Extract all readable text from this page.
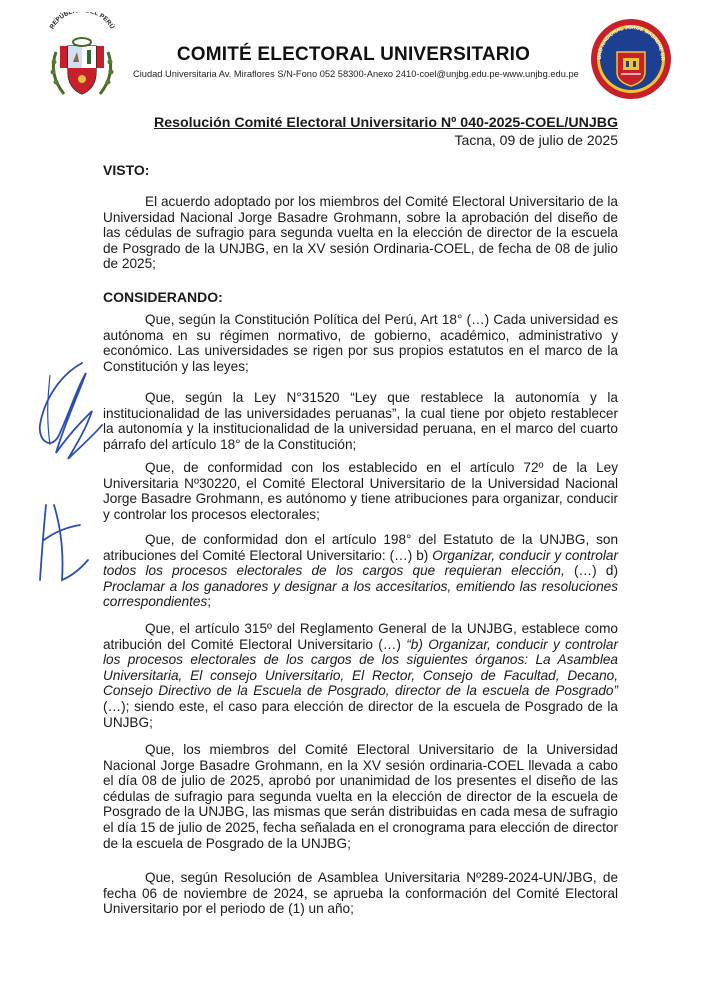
REPÚBL EL PERÚ
DAD NACIONAL JORGE BASADRE GR
COMITÉ ELECTORAL UNIVERSITARIO
Ciudad Universitaria Av. Miraflores S/N-Fono 052 58300-Anexo 2410-coel@unjbg.edu.pe-www.unjbg.edu.pe
Resolución Comité Electoral Universitario Nº 040-2025-COEL/UNJBG
Tacna, 09 de julio de 2025
VISTO:

El acuerdo adoptado por los miembros del Comité Electoral Universitario de la Universidad Nacional Jorge Basadre Grohmann, sobre la aprobación del diseño de las cédulas de sufragio para segunda vuelta en la elección de director de la escuela de Posgrado de la UNJBG, en la XV sesión Ordinaria-COEL, de fecha de 08 de julio de 2025;

CONSIDERANDO:

Que, según la Constitución Política del Perú, Art 18° (…) Cada universidad es autónoma en su régimen normativo, de gobierno, académico, administrativo y económico. Las universidades se rigen por sus propios estatutos en el marco de la Constitución y las leyes;

Que, según la Ley N°31520 “Ley que restablece la autonomía y la institucionalidad de las universidades peruanas”, la cual tiene por objeto restablecer la autonomía y la institucionalidad de la universidad peruana, en el marco del cuarto párrafo del artículo 18° de la Constitución;

Que, de conformidad con los establecido en el artículo 72º de la Ley Universitaria Nº30220, el Comité Electoral Universitario de la Universidad Nacional Jorge Basadre Grohmann, es autónomo y tiene atribuciones para organizar, conducir y controlar los procesos electorales;

Que, de conformidad don el artículo 198° del Estatuto de la UNJBG, son atribuciones del Comité Electoral Universitario: (…) b) Organizar, conducir y controlar todos los procesos electorales de los cargos que requieran elección, (…) d) Proclamar a los ganadores y designar a los accesitarios, emitiendo las resoluciones correspondientes;

Que, el artículo 315º del Reglamento General de la UNJBG, establece como atribución del Comité Electoral Universitario (…) “b) Organizar, conducir y controlar los procesos electorales de los cargos de los siguientes órganos: La Asamblea Universitaria, El consejo Universitario, El Rector, Consejo de Facultad, Decano, Consejo Directivo de la Escuela de Posgrado, director de la escuela de Posgrado” (…); siendo este, el caso para elección de director de la escuela de Posgrado de la UNJBG;

Que, los miembros del Comité Electoral Universitario de la Universidad Nacional Jorge Basadre Grohmann, en la XV sesión ordinaria-COEL llevada a cabo el día 08 de julio de 2025, aprobó por unanimidad de los presentes el diseño de las cédulas de sufragio para segunda vuelta en la elección de director de la escuela de Posgrado de la UNJBG, las mismas que serán distribuidas en cada mesa de sufragio el día 15 de julio de 2025, fecha señalada en el cronograma para elección de director de la escuela de Posgrado de la UNJBG;

Que, según Resolución de Asamblea Universitaria Nº289-2024-UN/JBG, de fecha 06 de noviembre de 2024, se aprueba la conformación del Comité Electoral Universitario por el periodo de (1) un año;
